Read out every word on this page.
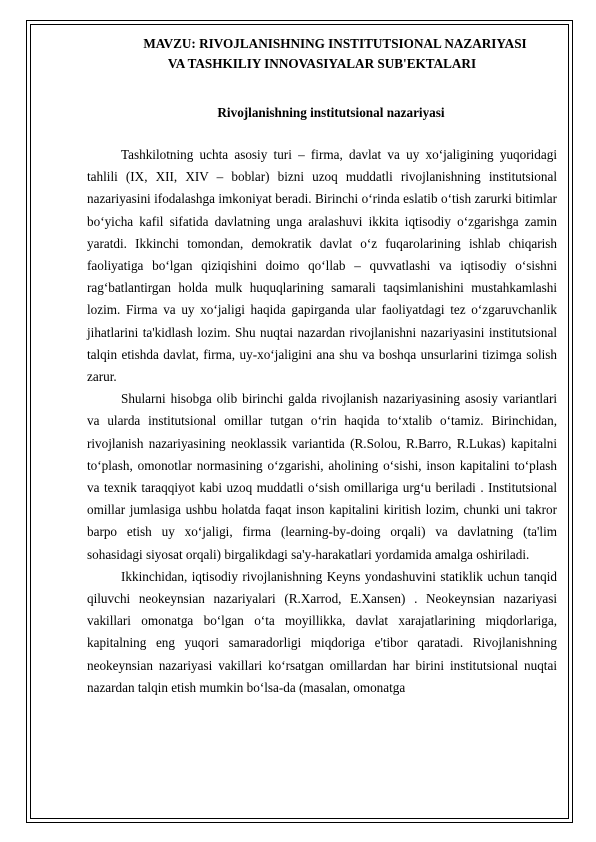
MAVZU: RIVOJLANISHNING INSTITUTSIONAL NAZARIYASI
VA TASHKILIY INNOVASIYALAR SUB'EKTALARI
Rivojlanishning institutsional nazariyasi

Tashkilotning uchta asosiy turi – firma, davlat va uy xo‘jaligining yuqoridagi tahlili (IX, XII, XIV – boblar) bizni uzoq muddatli rivojlanishning institutsional nazariyasini ifodalashga imkoniyat beradi. Birinchi o‘rinda eslatib o‘tish zarurki bitimlar bo‘yicha kafil sifatida davlatning unga aralashuvi ikkita iqtisodiy o‘zgarishga zamin yaratdi. Ikkinchi tomondan, demokratik davlat o‘z fuqarolarining ishlab chiqarish faoliyatiga bo‘lgan qiziqishini doimo qo‘llab – quvvatlashi va iqtisodiy o‘sishni rag‘batlantirgan holda mulk huquqlarining samarali taqsimlanishini mustahkamlashi lozim. Firma va uy xo‘jaligi haqida gapirganda ular faoliyatdagi tez o‘zgaruvchanlik jihatlarini ta'kidlash lozim. Shu nuqtai nazardan rivojlanishni nazariyasini institutsional talqin etishda davlat, firma, uy-xo‘jaligini ana shu va boshqa unsurlarini tizimga solish zarur.

Shularni hisobga olib birinchi galda rivojlanish nazariyasining asosiy variantlari va ularda institutsional omillar tutgan o‘rin haqida to‘xtalib o‘tamiz. Birinchidan, rivojlanish nazariyasining neoklassik variantida (R.Solou, R.Barro, R.Lukas) kapitalni to‘plash, omonotlar normasining o‘zgarishi, aholining o‘sishi, inson kapitalini to‘plash va texnik taraqqiyot kabi uzoq muddatli o‘sish omillariga urg‘u beriladi . Institutsional omillar jumlasiga ushbu holatda faqat inson kapitalini kiritish lozim, chunki uni takror barpo etish uy xo‘jaligi, firma (learning-by-doing orqali) va davlatning (ta'lim sohasidagi siyosat orqali) birgalikdagi sa'y-harakatlari yordamida amalga oshiriladi.

Ikkinchidan, iqtisodiy rivojlanishning Keyns yondashuvini statiklik uchun tanqid qiluvchi neokeynsian nazariyalari (R.Xarrod, E.Xansen) . Neokeynsian nazariyasi vakillari omonatga bo‘lgan o‘ta moyillikka, davlat xarajatlarining miqdorlariga, kapitalning eng yuqori samaradorligi miqdoriga e'tibor qaratadi. Rivojlanishning neokeynsian nazariyasi vakillari ko‘rsatgan omillardan har birini institutsional nuqtai nazardan talqin etish mumkin bo‘lsa-da (masalan, omonatga
